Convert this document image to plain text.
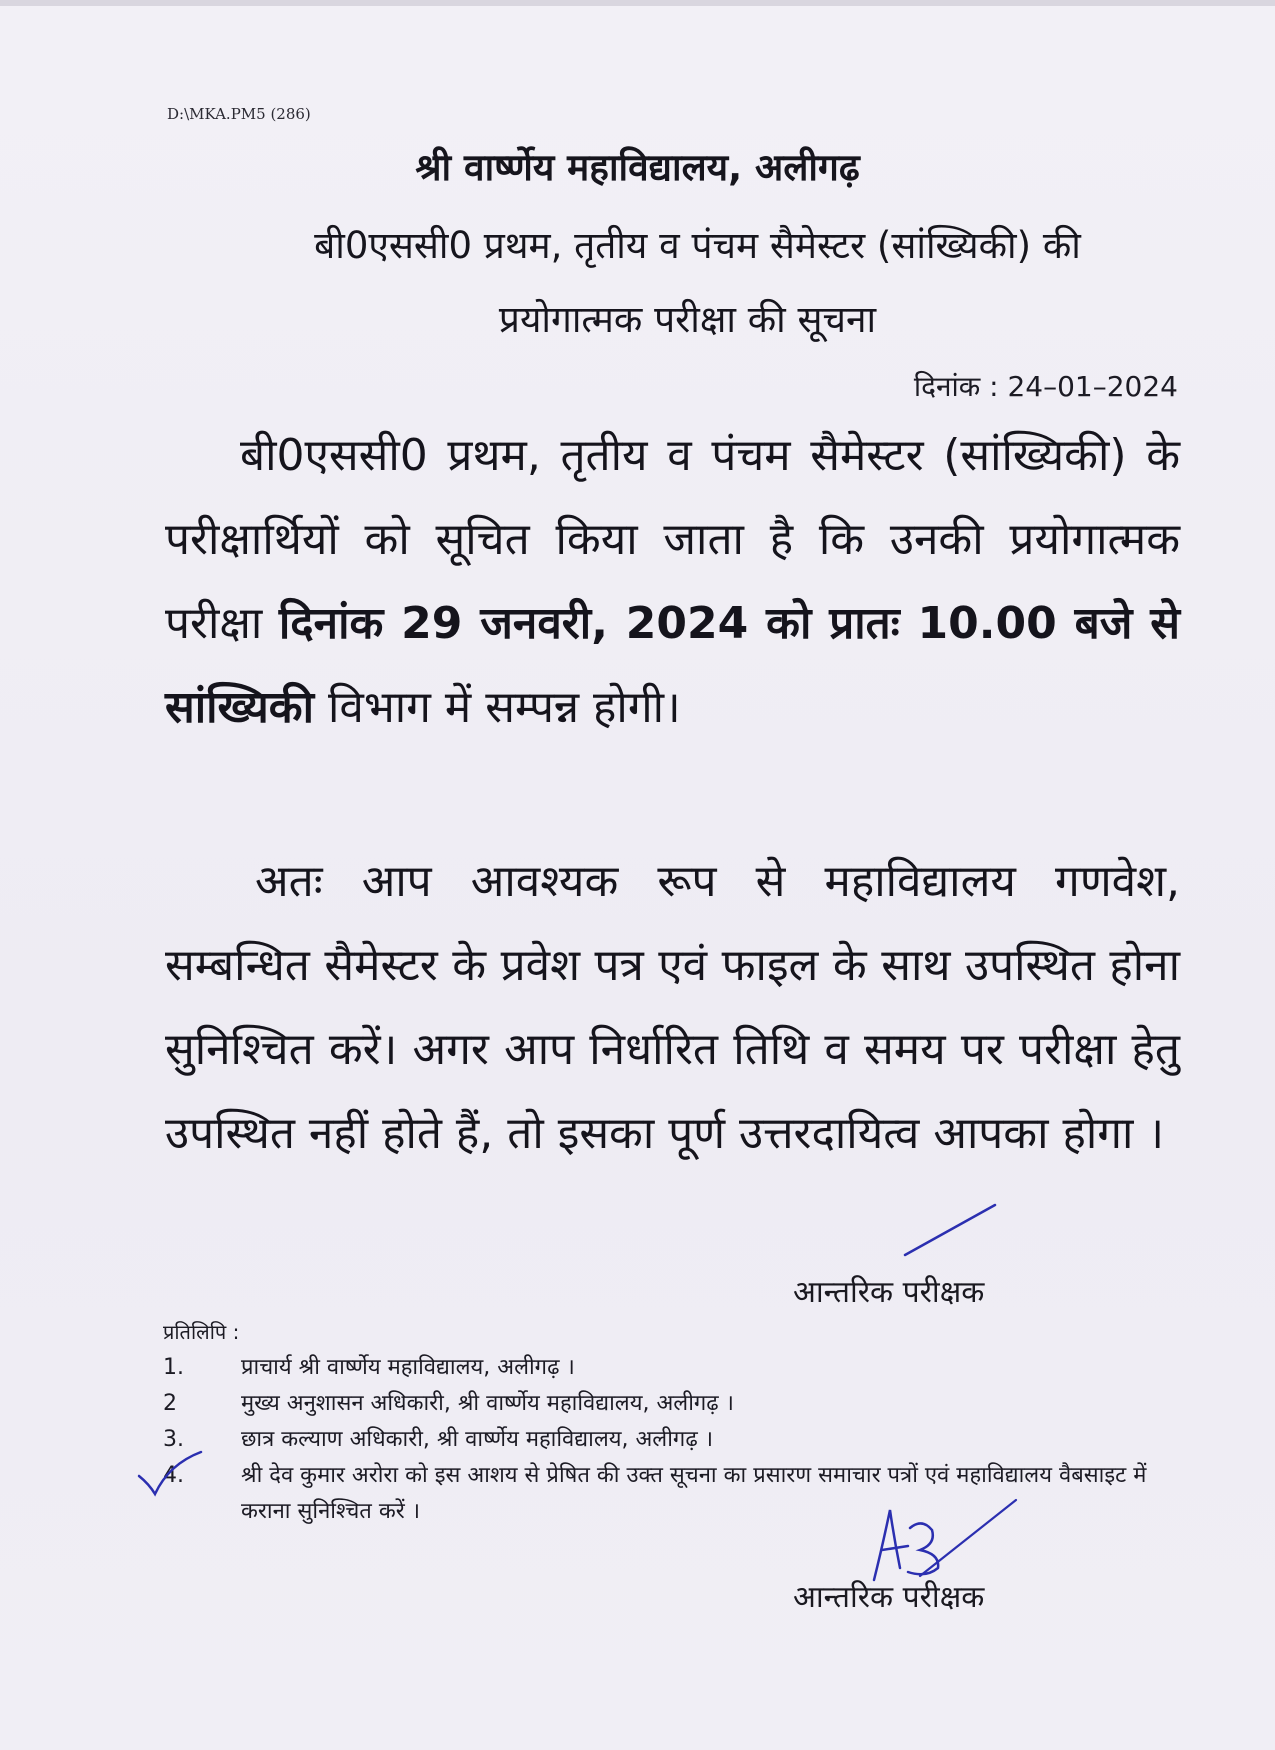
D:\MKA.PM5 (286)
श्री वार्ष्णेय महाविद्यालय, अलीगढ़
बी0एससी0 प्रथम, तृतीय व पंचम सैमेस्टर (सांख्यिकी) की
प्रयोगात्मक परीक्षा की सूचना
दिनांक : 24–01–2024
बी0एससी0 प्रथम, तृतीय व पंचम सैमेस्टर (सांख्यिकी) के परीक्षार्थियों को सूचित किया जाता है कि उनकी प्रयोगात्मक परीक्षा दिनांक 29 जनवरी, 2024 को प्रातः 10.00 बजे से सांख्यिकी विभाग में सम्पन्न होगी।
अतः आप आवश्यक रूप से महाविद्यालय गणवेश, सम्बन्धित सैमेस्टर के प्रवेश पत्र एवं फाइल के साथ उपस्थित होना सुनिश्चित करें। अगर आप निर्धारित तिथि व समय पर परीक्षा हेतु उपस्थित नहीं होते हैं, तो इसका पूर्ण उत्तरदायित्व आपका होगा ।
आन्तरिक परीक्षक
प्रतिलिपि :
1.	प्राचार्य श्री वार्ष्णेय महाविद्यालय, अलीगढ़ ।
2	मुख्य अनुशासन अधिकारी, श्री वार्ष्णेय महाविद्यालय, अलीगढ़ ।
3.	छात्र कल्याण अधिकारी, श्री वार्ष्णेय महाविद्यालय, अलीगढ़ ।
4.	श्री देव कुमार अरोरा को इस आशय से प्रेषित की उक्त सूचना का प्रसारण समाचार पत्रों एवं महाविद्यालय वैबसाइट में कराना सुनिश्चित करें ।
आन्तरिक परीक्षक
